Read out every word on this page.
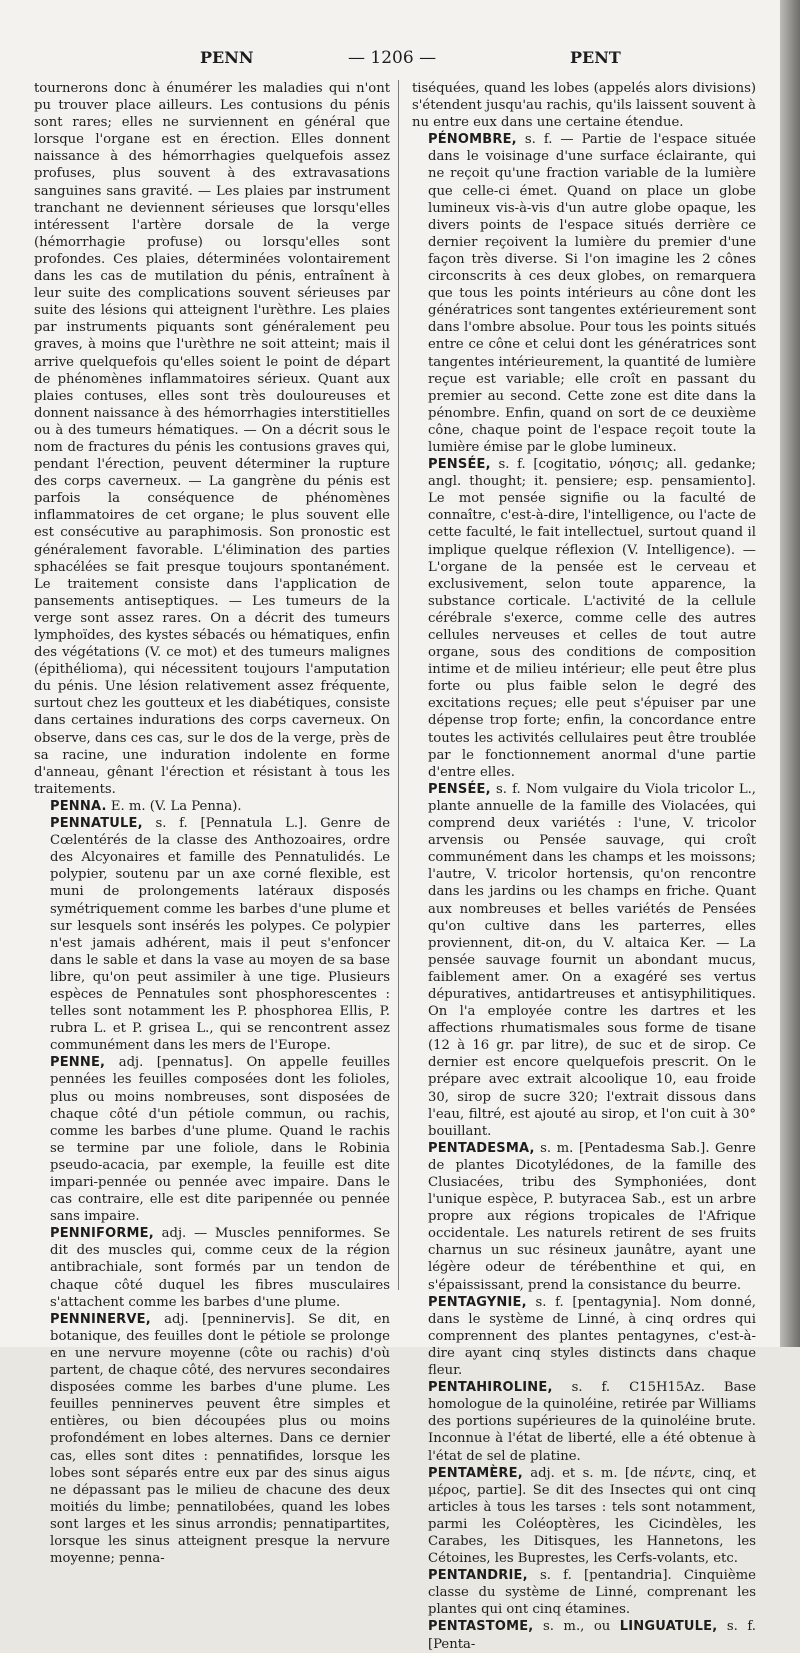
PENN	— 1206 —	PENT

tournerons donc à énumérer les maladies qui n'ont pu trouver place ailleurs. Les contusions du pénis sont rares; elles ne surviennent en général que lorsque l'organe est en érection. Elles donnent naissance à des hémorrhagies quelquefois assez profuses, plus souvent à des extravasations sanguines sans gravité. — Les plaies par instrument tranchant ne deviennent sérieuses que lorsqu'elles intéressent l'artère dorsale de la verge (hémorrhagie profuse) ou lorsqu'elles sont profondes. Ces plaies, déterminées volontairement dans les cas de mutilation du pénis, entraînent à leur suite des complications souvent sérieuses par suite des lésions qui atteignent l'urèthre. Les plaies par instruments piquants sont généralement peu graves, à moins que l'urèthre ne soit atteint; mais il arrive quelquefois qu'elles soient le point de départ de phénomènes inflammatoires sérieux. Quant aux plaies contuses, elles sont très douloureuses et donnent naissance à des hémorrhagies interstitielles ou à des tumeurs hématiques. — On a décrit sous le nom de fractures du pénis les contusions graves qui, pendant l'érection, peuvent déterminer la rupture des corps caverneux. — La gangrène du pénis est parfois la conséquence de phénomènes inflammatoires de cet organe; le plus souvent elle est consécutive au paraphimosis. Son pronostic est généralement favorable. L'élimination des parties sphacélées se fait presque toujours spontanément. Le traitement consiste dans l'application de pansements antiseptiques. — Les tumeurs de la verge sont assez rares. On a décrit des tumeurs lymphoïdes, des kystes sébacés ou hématiques, enfin des végétations (V. ce mot) et des tumeurs malignes (épithélioma), qui nécessitent toujours l'amputation du pénis. Une lésion relativement assez fréquente, surtout chez les goutteux et les diabétiques, consiste dans certaines indurations des corps caverneux. On observe, dans ces cas, sur le dos de la verge, près de sa racine, une induration indolente en forme d'anneau, gênant l'érection et résistant à tous les traitements.

PENNA. E. m. (V. La Penna).

PENNATULE, s. f. [Pennatula L.]. Genre de Cœlentérés de la classe des Anthozoaires, ordre des Alcyonaires et famille des Pennatulidés. Le polypier, soutenu par un axe corné flexible, est muni de prolongements latéraux disposés symétriquement comme les barbes d'une plume et sur lesquels sont insérés les polypes. Ce polypier n'est jamais adhérent, mais il peut s'enfoncer dans le sable et dans la vase au moyen de sa base libre, qu'on peut assimiler à une tige. Plusieurs espèces de Pennatules sont phosphorescentes : telles sont notamment les P. phosphorea Ellis, P. rubra L. et P. grisea L., qui se rencontrent assez communément dans les mers de l'Europe.

PENNE, adj. [pennatus]. On appelle feuilles pennées les feuilles composées dont les folioles, plus ou moins nombreuses, sont disposées de chaque côté d'un pétiole commun, ou rachis, comme les barbes d'une plume. Quand le rachis se termine par une foliole, dans le Robinia pseudo-acacia, par exemple, la feuille est dite impari-pennée ou pennée avec impaire. Dans le cas contraire, elle est dite paripennée ou pennée sans impaire.

PENNIFORME, adj. — Muscles penniformes. Se dit des muscles qui, comme ceux de la région antibrachiale, sont formés par un tendon de chaque côté duquel les fibres musculaires s'attachent comme les barbes d'une plume.

PENNINERVE, adj. [penninervis]. Se dit, en botanique, des feuilles dont le pétiole se prolonge en une nervure moyenne (côte ou rachis) d'où partent, de chaque côté, des nervures secondaires disposées comme les barbes d'une plume. Les feuilles penninerves peuvent être simples et entières, ou bien découpées plus ou moins profondément en lobes alternes. Dans ce dernier cas, elles sont dites : pennatifides, lorsque les lobes sont séparés entre eux par des sinus aigus ne dépassant pas le milieu de chacune des deux moitiés du limbe; pennatilobées, quand les lobes sont larges et les sinus arrondis; pennatipartites, lorsque les sinus atteignent presque la nervure moyenne; penna-

tiséquées, quand les lobes (appelés alors divisions) s'étendent jusqu'au rachis, qu'ils laissent souvent à nu entre eux dans une certaine étendue.

PÉNOMBRE, s. f. — Partie de l'espace située dans le voisinage d'une surface éclairante, qui ne reçoit qu'une fraction variable de la lumière que celle-ci émet. Quand on place un globe lumineux vis-à-vis d'un autre globe opaque, les divers points de l'espace situés derrière ce dernier reçoivent la lumière du premier d'une façon très diverse. Si l'on imagine les 2 cônes circonscrits à ces deux globes, on remarquera que tous les points intérieurs au cône dont les génératrices sont tangentes extérieurement sont dans l'ombre absolue. Pour tous les points situés entre ce cône et celui dont les génératrices sont tangentes intérieurement, la quantité de lumière reçue est variable; elle croît en passant du premier au second. Cette zone est dite dans la pénombre. Enfin, quand on sort de ce deuxième cône, chaque point de l'espace reçoit toute la lumière émise par le globe lumineux.

PENSÉE, s. f. [cogitatio, νόησις; all. gedanke; angl. thought; it. pensiere; esp. pensamiento]. Le mot pensée signifie ou la faculté de connaître, c'est-à-dire, l'intelligence, ou l'acte de cette faculté, le fait intellectuel, surtout quand il implique quelque réflexion (V. Intelligence). — L'organe de la pensée est le cerveau et exclusivement, selon toute apparence, la substance corticale. L'activité de la cellule cérébrale s'exerce, comme celle des autres cellules nerveuses et celles de tout autre organe, sous des conditions de composition intime et de milieu intérieur; elle peut être plus forte ou plus faible selon le degré des excitations reçues; elle peut s'épuiser par une dépense trop forte; enfin, la concordance entre toutes les activités cellulaires peut être troublée par le fonctionnement anormal d'une partie d'entre elles.

PENSÉE, s. f. Nom vulgaire du Viola tricolor L., plante annuelle de la famille des Violacées, qui comprend deux variétés : l'une, V. tricolor arvensis ou Pensée sauvage, qui croît communément dans les champs et les moissons; l'autre, V. tricolor hortensis, qu'on rencontre dans les jardins ou les champs en friche. Quant aux nombreuses et belles variétés de Pensées qu'on cultive dans les parterres, elles proviennent, dit-on, du V. altaica Ker. — La pensée sauvage fournit un abondant mucus, faiblement amer. On a exagéré ses vertus dépuratives, antidartreuses et antisyphilitiques. On l'a employée contre les dartres et les affections rhumatismales sous forme de tisane (12 à 16 gr. par litre), de suc et de sirop. Ce dernier est encore quelquefois prescrit. On le prépare avec extrait alcoolique 10, eau froide 30, sirop de sucre 320; l'extrait dissous dans l'eau, filtré, est ajouté au sirop, et l'on cuit à 30° bouillant.

PENTADESMA, s. m. [Pentadesma Sab.]. Genre de plantes Dicotylédones, de la famille des Clusiacées, tribu des Symphoniées, dont l'unique espèce, P. butyracea Sab., est un arbre propre aux régions tropicales de l'Afrique occidentale. Les naturels retirent de ses fruits charnus un suc résineux jaunâtre, ayant une légère odeur de térébenthine et qui, en s'épaississant, prend la consistance du beurre.

PENTAGYNIE, s. f. [pentagynia]. Nom donné, dans le système de Linné, à cinq ordres qui comprennent des plantes pentagynes, c'est-à-dire ayant cinq styles distincts dans chaque fleur.

PENTAHIROLINE, s. f. C15H15Az. Base homologue de la quinoléine, retirée par Williams des portions supérieures de la quinoléine brute. Inconnue à l'état de liberté, elle a été obtenue à l'état de sel de platine.

PENTAMÈRE, adj. et s. m. [de πέντε, cinq, et μέρος, partie]. Se dit des Insectes qui ont cinq articles à tous les tarses : tels sont notamment, parmi les Coléoptères, les Cicindèles, les Carabes, les Ditisques, les Hannetons, les Cétoines, les Buprestes, les Cerfs-volants, etc.

PENTANDRIE, s. f. [pentandria]. Cinquième classe du système de Linné, comprenant les plantes qui ont cinq étamines.

PENTASTOME, s. m., ou LINGUATULE, s. f. [Penta-
